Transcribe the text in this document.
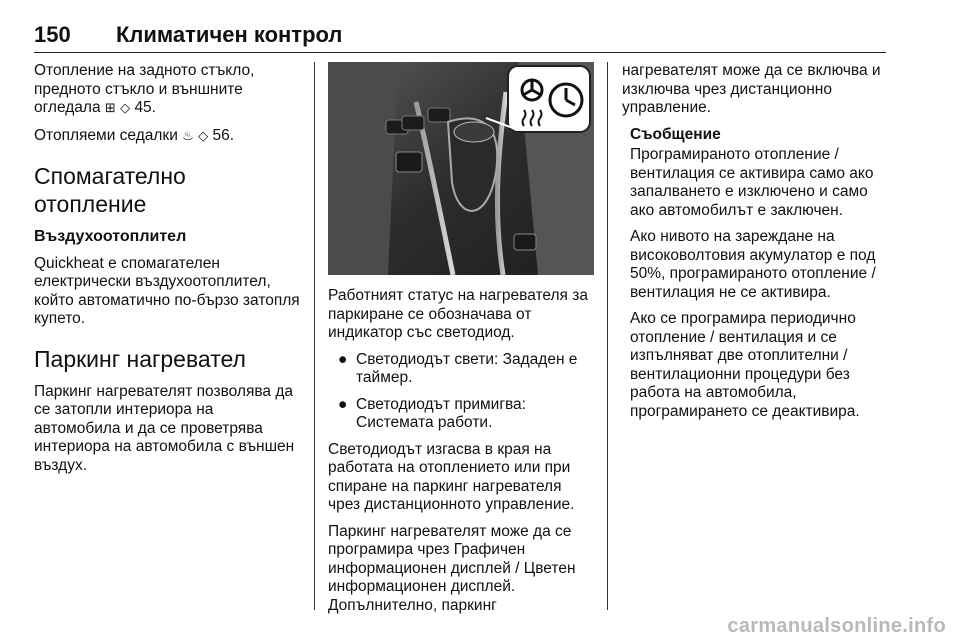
150 Климатичен контрол

Отопление на задното стъкло, предното стъкло и външните огледала ⊞ ◇ 45.

Отопляеми седалки ♨ ◇ 56.

Спомагателно отопление
Въздухоотоплител

Quickheat е спомагателен електрически въздухоотоплител, който автоматично по-бързо затопля купето.

Паркинг нагревател

Паркинг нагревателят позволява да се затопли интериора на автомобила и да се проветрява интериора на автомобила с външен въздух.

Работният статус на нагревателя за паркиране се обозначава от индикатор със светодиод.

● Светодиодът свети: Зададен е таймер.
● Светодиодът примигва: Системата работи.

Светодиодът изгасва в края на работата на отоплението или при спиране на паркинг нагревателя чрез дистанционното управление.

Паркинг нагревателят може да се програмира чрез Графичен информационен дисплей / Цветен информационен дисплей. Допълнително, паркинг

нагревателят може да се включва и изключва чрез дистанционно управление.

Съобщение

Програмираното отопление / вентилация се активира само ако запалването е изключено и само ако автомобилът е заключен.

Ако нивото на зареждане на високоволтовия акумулатор е под 50%, програмираното отопление / вентилация не се активира.

Ако се програмира периодично отопление / вентилация и се изпълняват две отоплителни / вентилационни процедури без работа на автомобила, програмирането се деактивира.

carmanualsonline.info
